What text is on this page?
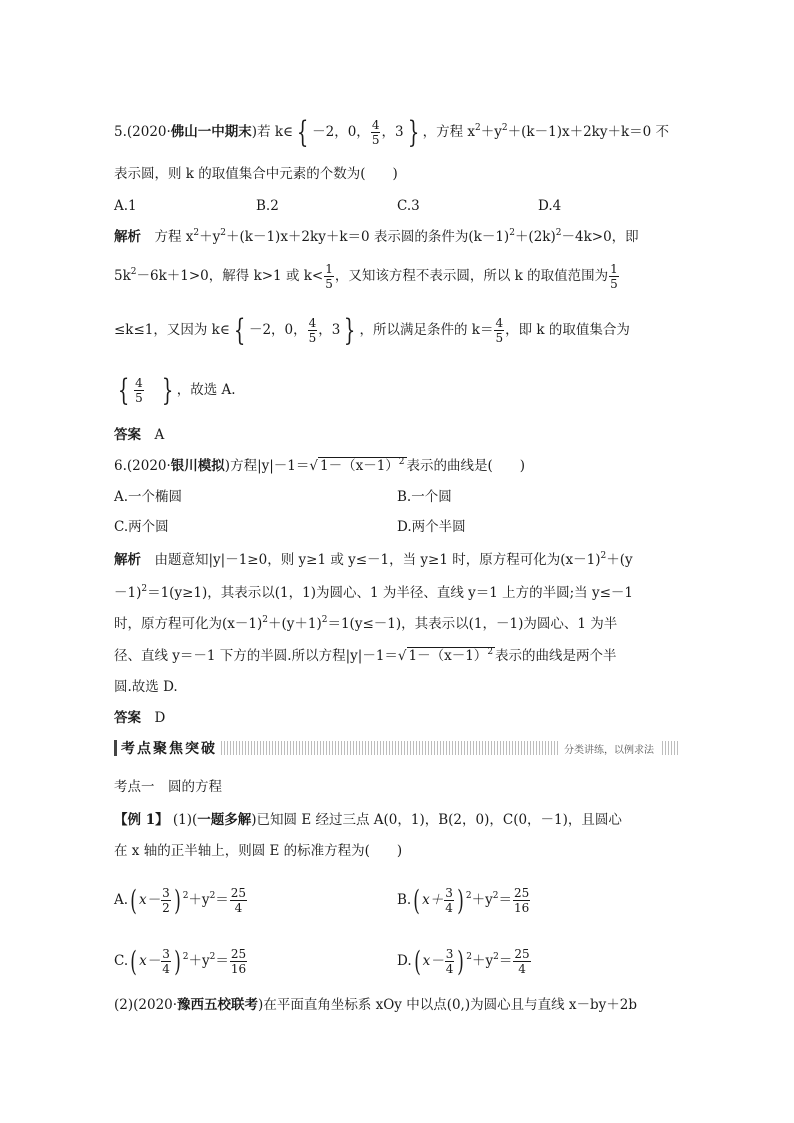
5.(2020·佛山一中期末)若 k∈ { －2，0， $\frac{4}{5}$ ，3 } ，方程 $x^2+y^2+(k-1)x+2ky+k=0$ 不
表示圆，则 k 的取值集合中元素的个数为(　　)
A.1	B.2	C.3	D.4
解析　 方程 $x^2+y^2+(k-1)x+2ky+k=0$ 表示圆的条件为$(k-1)^2+(2k)^2-4k>0$，即
$5k^2-6k+1>0$，解得 k>1 或 $k< \frac{1}{5}$ ，又知该方程不表示圆，所以 k 的取值范围为 $\frac{1}{5}$
≤k≤1，又因为 k∈ { －2，0， $\frac{4}{5}$ ，3 } ，所以满足条件的 $k= \frac{4}{5}$ ，即 k 的取值集合为
{ $\frac{4}{5}$ } ，故选 A.
答案　 A
6.(2020·银川模拟)方程|y|－1＝√ $1-(x-1)^2$ 表示的曲线是(　　)
A.一个椭圆	B.一个圆
C.两个圆	D.两个半圆
解析　 由题意知|y|－1≥0，则 y≥1 或 y≤－1，当 y≥1 时，原方程可化为$(x-1)^2+(y$
－1)$^2$＝1(y≥1)，其表示以(1，1)为圆心、1 为半径、直线 y＝1 上方的半圆;当 y≤－1
时，原方程可化为$(x-1)^2+(y+1)^2=1(y\le-1)$，其表示以(1，－1)为圆心、1 为半
径、直线 y＝－1 下方的半圆.所以方程|y|－1＝√ $1-(x-1)^2$ 表示的曲线是两个半
圆.故选 D.
答案　 D
考点聚焦突破	分类讲练，以例求法
考点一　圆的方程
【例 1】 (1)(一题多解)已知圆 E 经过三点 A(0，1)，B(2，0)，C(0，－1)，且圆心
在 x 轴的正半轴上，则圆 E 的标准方程为(　　)
A.( $x- \frac{3}{2}$ ) $^2+y^2= \frac{25}{4}$	B.( $x+ \frac{3}{4}$ ) $^2+y^2= \frac{25}{16}$
C.( $x- \frac{3}{4}$ ) $^2+y^2= \frac{25}{16}$	D.( $x- \frac{3}{4}$ ) $^2+y^2= \frac{25}{4}$
(2)(2020·豫西五校联考)在平面直角坐标系 xOy 中以点(0,)为圆心且与直线 x－by＋2b
